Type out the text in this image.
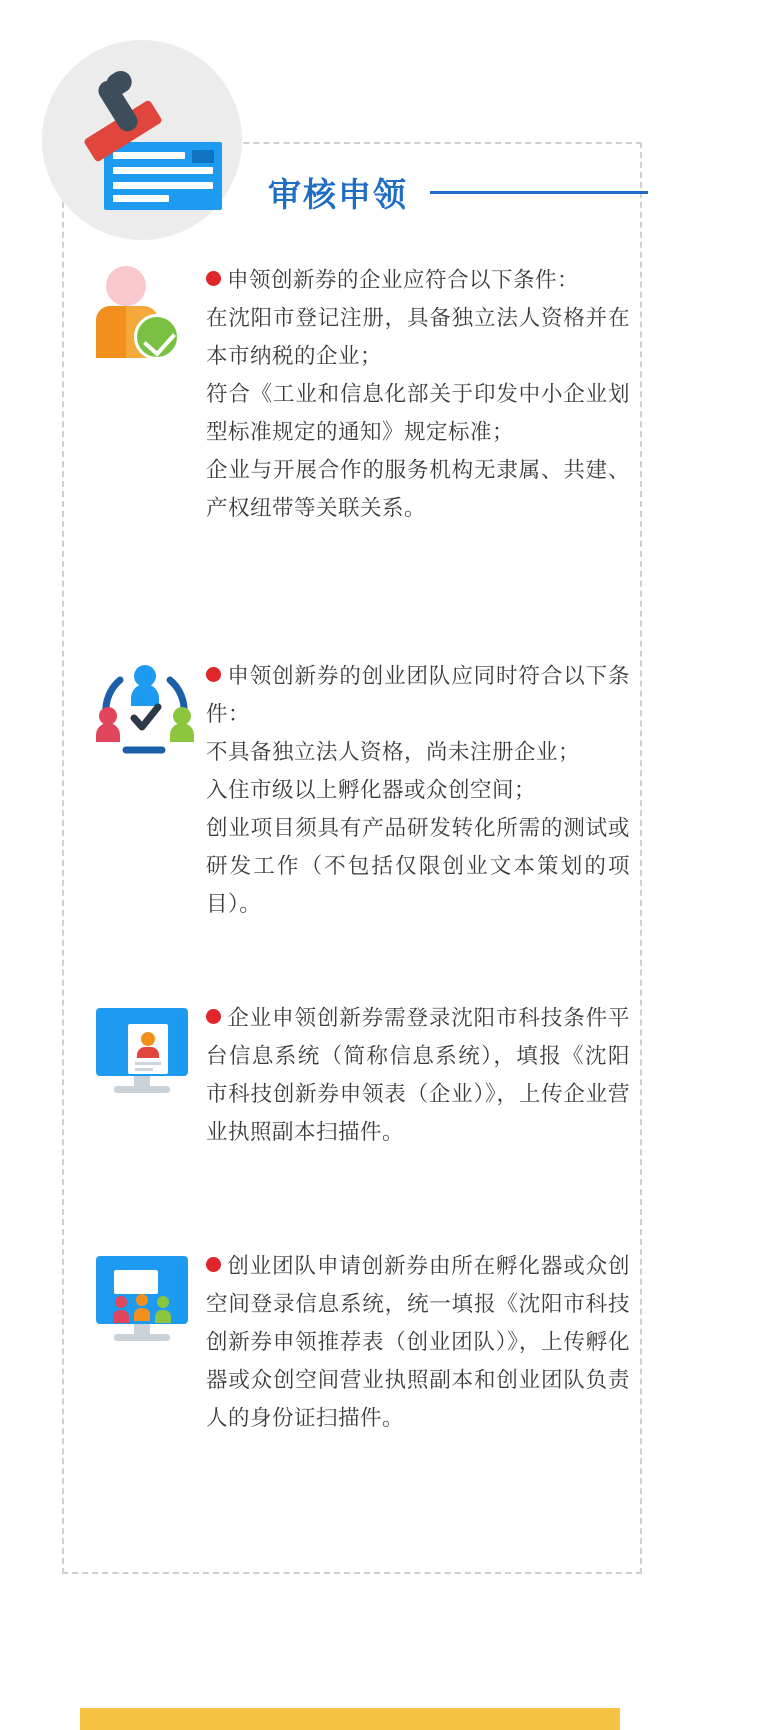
审核申领
申领创新券的企业应符合以下条件：
在沈阳市登记注册，具备独立法人资格并在本市纳税的企业；
符合《工业和信息化部关于印发中小企业划型标准规定的通知》规定标准；
企业与开展合作的服务机构无隶属、共建、产权纽带等关联关系。
申领创新券的创业团队应同时符合以下条件：
不具备独立法人资格，尚未注册企业；
入住市级以上孵化器或众创空间；
创业项目须具有产品研发转化所需的测试或研发工作（不包括仅限创业文本策划的项目）。
企业申领创新券需登录沈阳市科技条件平台信息系统（简称信息系统），填报《沈阳市科技创新券申领表（企业）》，上传企业营业执照副本扫描件。
创业团队申请创新券由所在孵化器或众创空间登录信息系统，统一填报《沈阳市科技创新券申领推荐表（创业团队）》，上传孵化器或众创空间营业执照副本和创业团队负责人的身份证扫描件。
